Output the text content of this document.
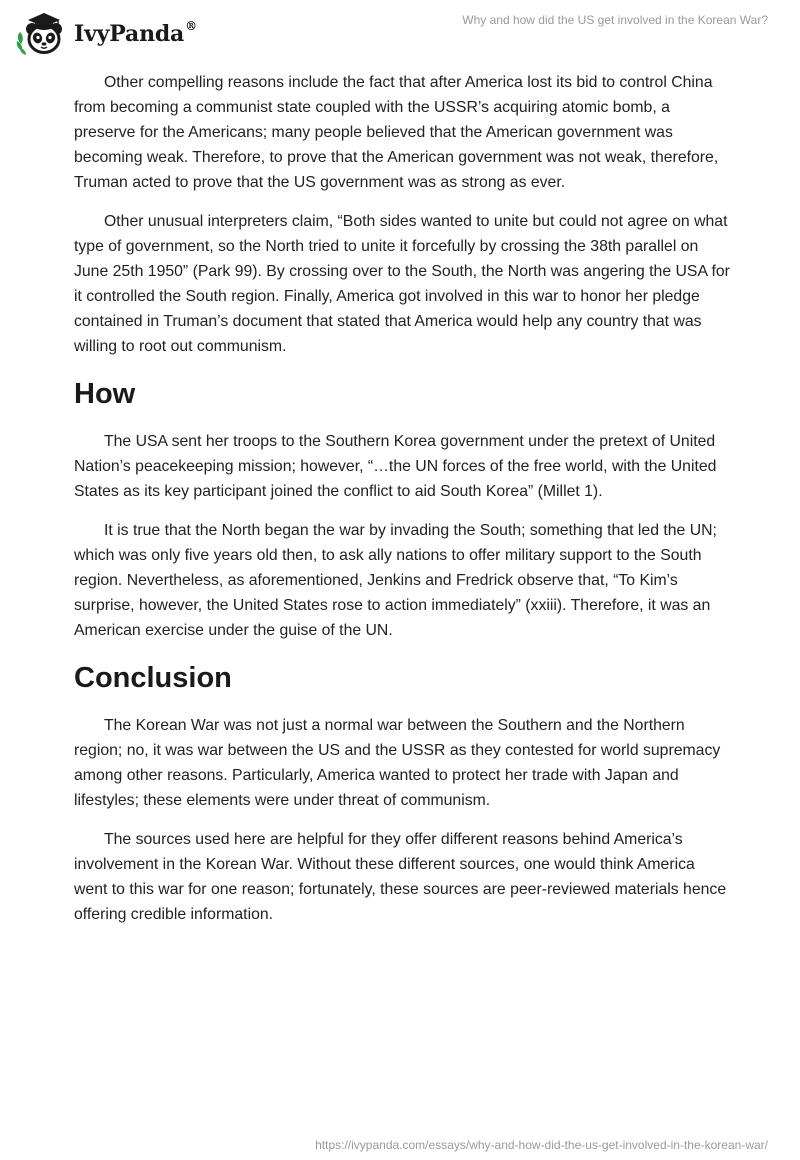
IvyPanda®	Why and how did the US get involved in the Korean War?

Other compelling reasons include the fact that after America lost its bid to control China from becoming a communist state coupled with the USSR’s acquiring atomic bomb, a preserve for the Americans; many people believed that the American government was becoming weak. Therefore, to prove that the American government was not weak, therefore, Truman acted to prove that the US government was as strong as ever.

Other unusual interpreters claim, “Both sides wanted to unite but could not agree on what type of government, so the North tried to unite it forcefully by crossing the 38th parallel on June 25th 1950” (Park 99). By crossing over to the South, the North was angering the USA for it controlled the South region. Finally, America got involved in this war to honor her pledge contained in Truman’s document that stated that America would help any country that was willing to root out communism.

How

The USA sent her troops to the Southern Korea government under the pretext of United Nation’s peacekeeping mission; however, “…the UN forces of the free world, with the United States as its key participant joined the conflict to aid South Korea” (Millet 1).

It is true that the North began the war by invading the South; something that led the UN; which was only five years old then, to ask ally nations to offer military support to the South region. Nevertheless, as aforementioned, Jenkins and Fredrick observe that, “To Kim’s surprise, however, the United States rose to action immediately” (xxiii). Therefore, it was an American exercise under the guise of the UN.

Conclusion

The Korean War was not just a normal war between the Southern and the Northern region; no, it was war between the US and the USSR as they contested for world supremacy among other reasons. Particularly, America wanted to protect her trade with Japan and lifestyles; these elements were under threat of communism.

The sources used here are helpful for they offer different reasons behind America’s involvement in the Korean War. Without these different sources, one would think America went to this war for one reason; fortunately, these sources are peer-reviewed materials hence offering credible information.

https://ivypanda.com/essays/why-and-how-did-the-us-get-involved-in-the-korean-war/
